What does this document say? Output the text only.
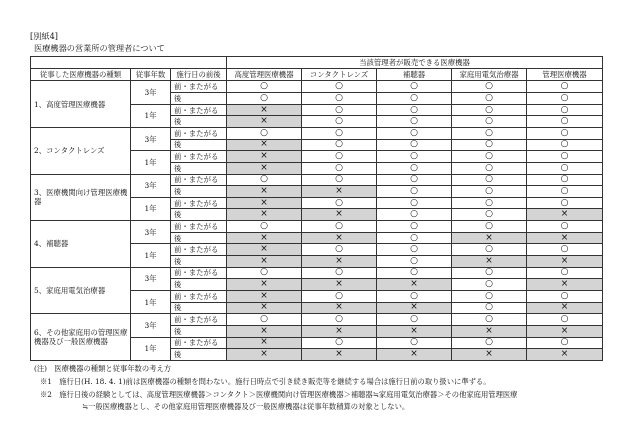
[別紙4]
医療機器の営業所の管理者について
			当該管理者が販売できる医療機器				
従事した医療機器の種類	従事年数	施行日の前後	高度管理医療機器	コンタクトレンズ	補聴器	家庭用電気治療器	管理医療機器
1、高度管理医療機器	3年	前・またがる	○	○	○	○	○
		後	○	○	○	○	○
	1年	前・またがる	×	○	○	○	○
		後	×	○	○	○	○
2、コンタクトレンズ	3年	前・またがる	○	○	○	○	○
		後	×	○	○	○	○
	1年	前・またがる	×	○	○	○	○
		後	×	○	○	○	○
3、医療機関向け管理医療機器	3年	前・またがる	○	○	○	○	○
		後	×	×	○	○	○
	1年	前・またがる	×	○	○	○	○
		後	×	×	○	○	×
4、補聴器	3年	前・またがる	○	○	○	○	○
		後	×	×	○	×	×
	1年	前・またがる	×	○	○	○	○
		後	×	×	○	×	×
5、家庭用電気治療器	3年	前・またがる	○	○	○	○	○
		後	×	×	×	○	×
	1年	前・またがる	×	○	○	○	○
		後	×	×	×	○	×
6、その他家庭用の管理医療機器及び一般医療機器	3年	前・またがる	○	○	○	○	○
		後	×	×	×	×	×
	1年	前・またがる	×	○	○	○	○
		後	×	×	×	×	×
(注)　医療機器の種類と従事年数の考え方
※1　施行日(H. 18. 4. 1)前は医療機器の種類を問わない。施行日時点で引き続き販売等を継続する場合は施行日前の取り扱いに準ずる。
※2　施行日後の経験としては、高度管理医療機器＞コンタクト＞医療機関向け管理医療機器＞補聴器≒家庭用電気治療器＞その他家庭用管理医療
≒一般医療機器とし、その他家庭用管理医療機器及び一般医療機器は従事年数積算の対象としない。
